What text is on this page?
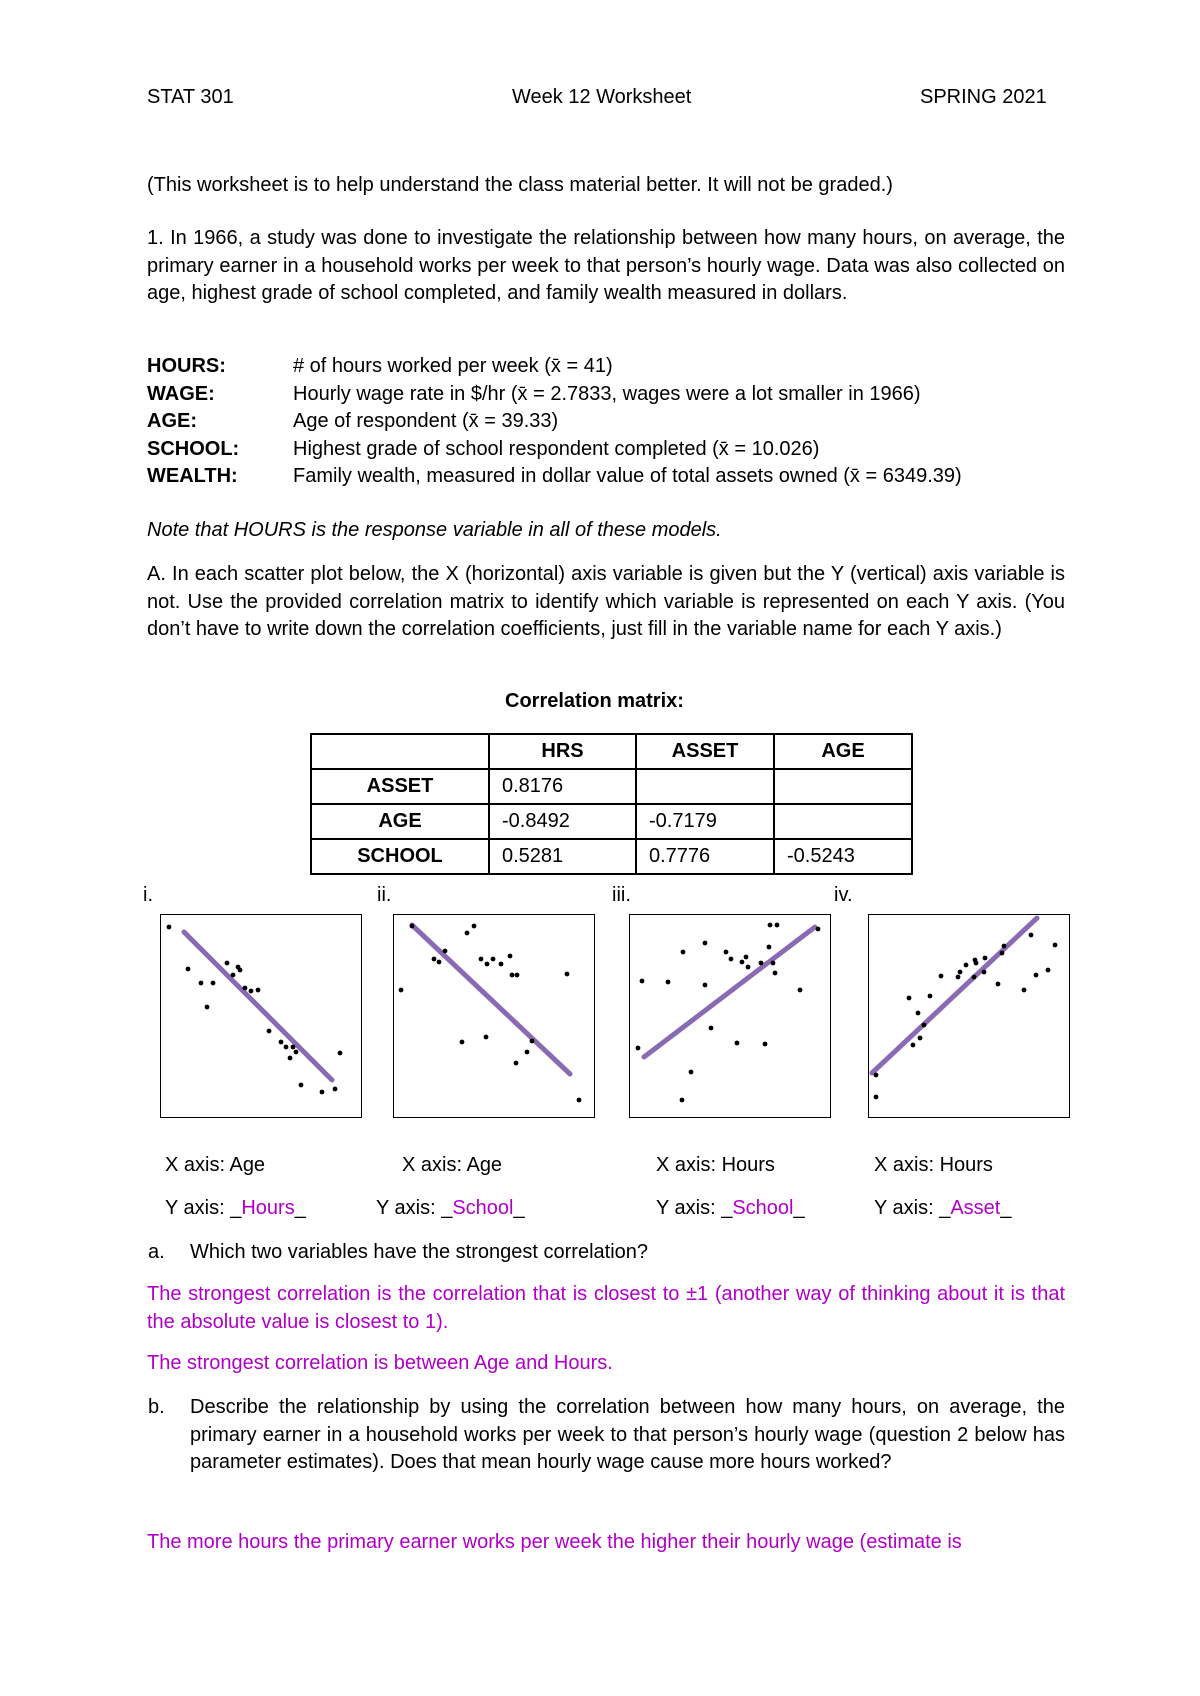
STAT 301	Week 12 Worksheet	SPRING 2021
(This worksheet is to help understand the class material better. It will not be graded.)
1. In 1966, a study was done to investigate the relationship between how many hours, on average, the primary earner in a household works per week to that person’s hourly wage. Data was also collected on age, highest grade of school completed, and family wealth measured in dollars.
HOURS:	# of hours worked per week (x̄ = 41)
WAGE:	Hourly wage rate in $/hr (x̄ = 2.7833, wages were a lot smaller in 1966)
AGE:	Age of respondent (x̄ = 39.33)
SCHOOL:	Highest grade of school respondent completed (x̄ = 10.026)
WEALTH:	Family wealth, measured in dollar value of total assets owned (x̄ = 6349.39)
Note that HOURS is the response variable in all of these models.
A. In each scatter plot below, the X (horizontal) axis variable is given but the Y (vertical) axis variable is not. Use the provided correlation matrix to identify which variable is represented on each Y axis. (You don’t have to write down the correlation coefficients, just fill in the variable name for each Y axis.)
Correlation matrix:
	HRS	ASSET	AGE
ASSET	0.8176		
AGE	-0.8492	-0.7179	
SCHOOL	0.5281	0.7776	-0.5243
i.	ii.	iii.	iv.
X axis: Age	X axis: Age	X axis: Hours	X axis: Hours
Y axis: _Hours_	Y axis: _School_	Y axis: _School_	Y axis: _Asset_
a. Which two variables have the strongest correlation?
The strongest correlation is the correlation that is closest to ±1 (another way of thinking about it is that the absolute value is closest to 1).
The strongest correlation is between Age and Hours.
b. Describe the relationship by using the correlation between how many hours, on average, the primary earner in a household works per week to that person’s hourly wage (question 2 below has parameter estimates). Does that mean hourly wage cause more hours worked?
The more hours the primary earner works per week the higher their hourly wage (estimate is
